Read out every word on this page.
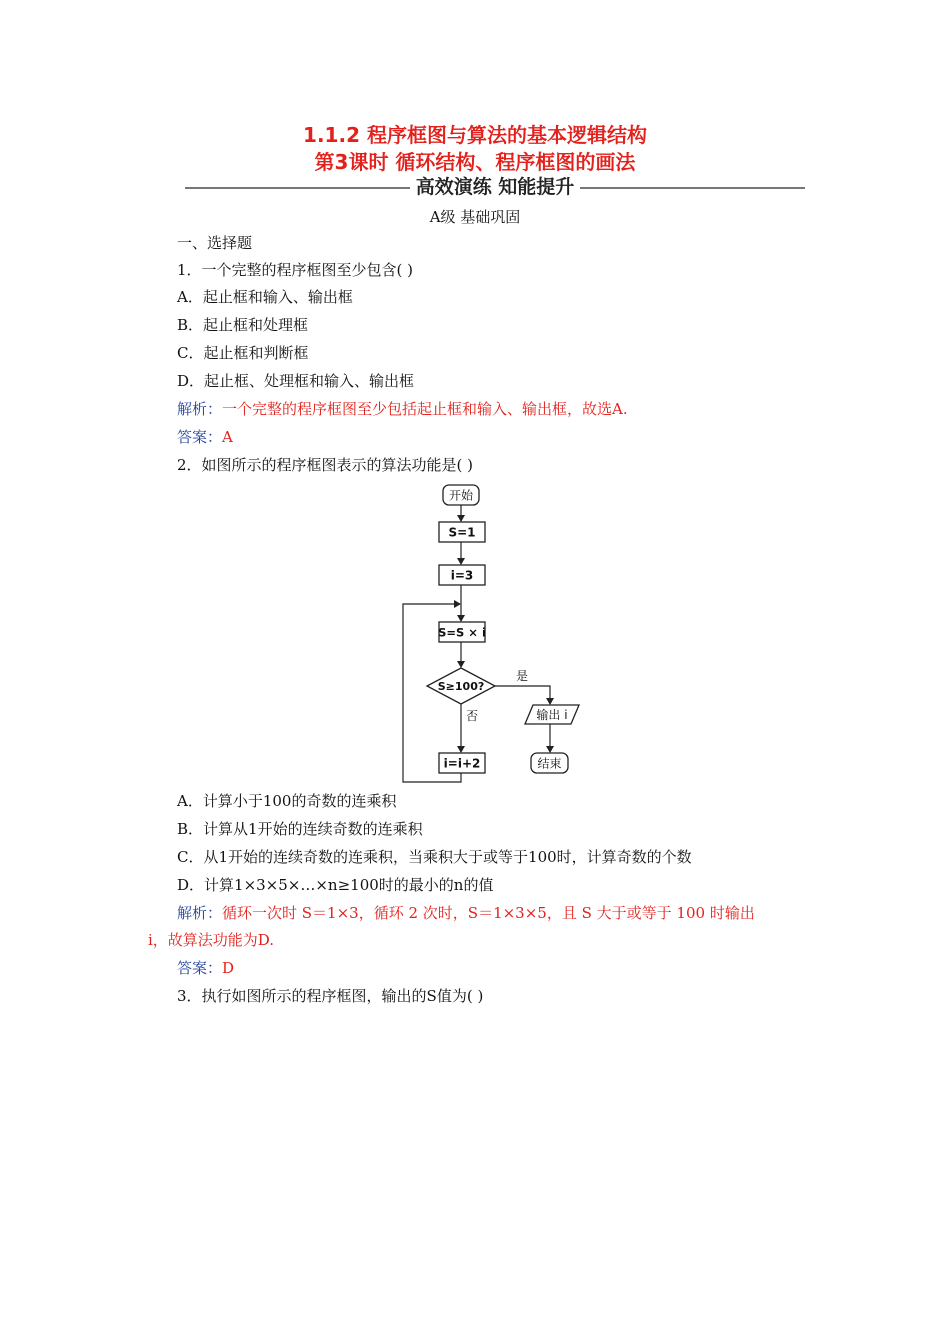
1.1.2 程序框图与算法的基本逻辑结构
第3课时 循环结构、程序框图的画法
高效演练 知能提升
A级 基础巩固
一、选择题
1．一个完整的程序框图至少包含( )
A．起止框和输入、输出框
B．起止框和处理框
C．起止框和判断框
D．起止框、处理框和输入、输出框
解析：一个完整的程序框图至少包括起止框和输入、输出框，故选A.
答案：A
2．如图所示的程序框图表示的算法功能是( )
开始
S=1
i=3
S=S × i
S≥100?
是
输出 i
结束
否
i=i+2
A．计算小于100的奇数的连乘积
B．计算从1开始的连续奇数的连乘积
C．从1开始的连续奇数的连乘积，当乘积大于或等于100时，计算奇数的个数
D．计算1×3×5×…×n≥100时的最小的n的值
解析：循环一次时 S＝1×3，循环 2 次时，S＝1×3×5，且 S 大于或等于 100 时输出
i，故算法功能为D.
答案：D
3．执行如图所示的程序框图，输出的S值为( )
